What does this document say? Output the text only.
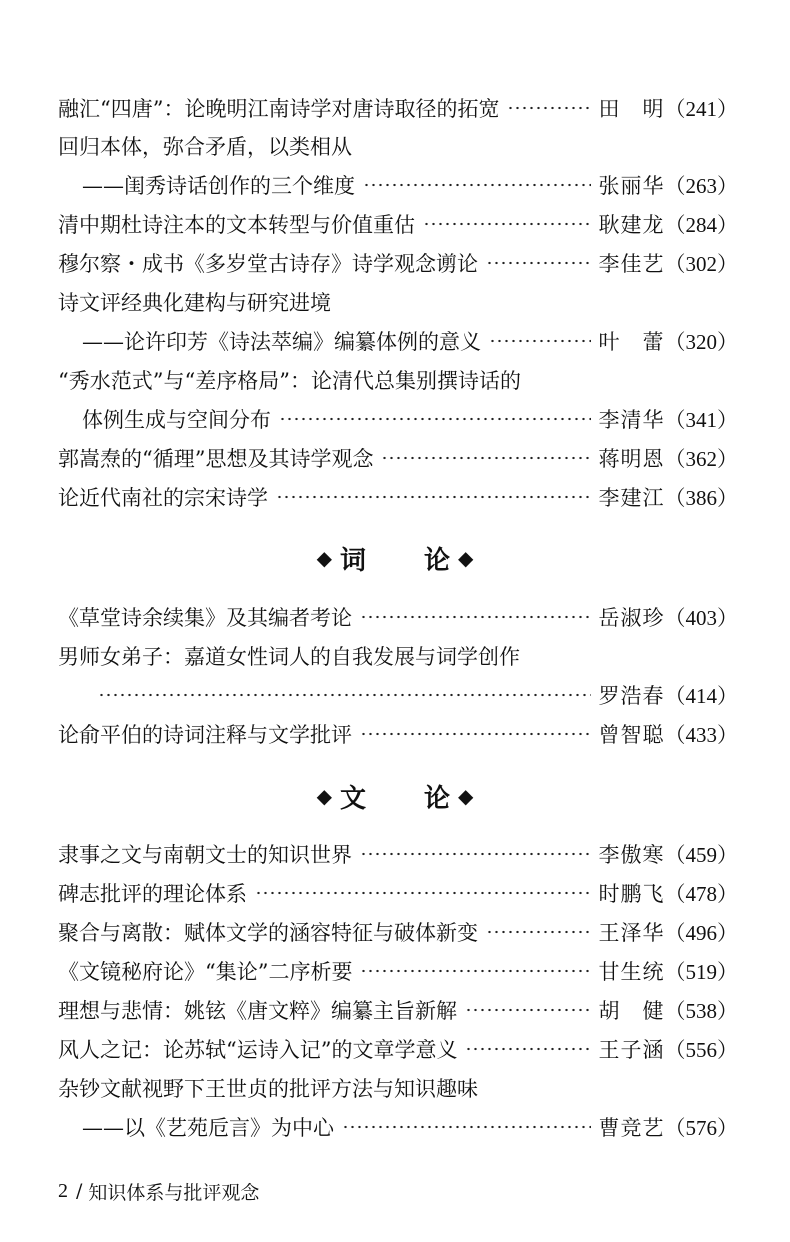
融汇“四唐”：论晚明江南诗学对唐诗取径的拓宽	田　明 （241）
回归本体，弥合矛盾，以类相从
——闺秀诗话创作的三个维度	张丽华 （263）
清中期杜诗注本的文本转型与价值重估	耿建龙 （284）
穆尔察・成书《多岁堂古诗存》诗学观念谫论	李佳艺 （302）
诗文评经典化建构与研究进境
——论许印芳《诗法萃编》编纂体例的意义	叶　蕾 （320）
“秀水范式”与“差序格局”：论清代总集别撰诗话的
体例生成与空间分布	李清华 （341）
郭嵩焘的“循理”思想及其诗学观念	蒋明恩 （362）
论近代南社的宗宋诗学	李建江 （386）
◆ 词 论 ◆
《草堂诗余续集》及其编者考论	岳淑珍 （403）
男师女弟子：嘉道女性词人的自我发展与词学创作
罗浩春 （414）
论俞平伯的诗词注释与文学批评	曾智聪 （433）
◆ 文 论 ◆
隶事之文与南朝文士的知识世界	李傲寒 （459）
碑志批评的理论体系	时鹏飞 （478）
聚合与离散：赋体文学的涵容特征与破体新变	王泽华 （496）
《文镜秘府论》“集论”二序析要	甘生统 （519）
理想与悲情：姚铉《唐文粹》编纂主旨新解	胡　健 （538）
风人之记：论苏轼“运诗入记”的文章学意义	王子涵 （556）
杂钞文献视野下王世贞的批评方法与知识趣味
——以《艺苑卮言》为中心	曹竞艺 （576）
2 / 知识体系与批评观念
